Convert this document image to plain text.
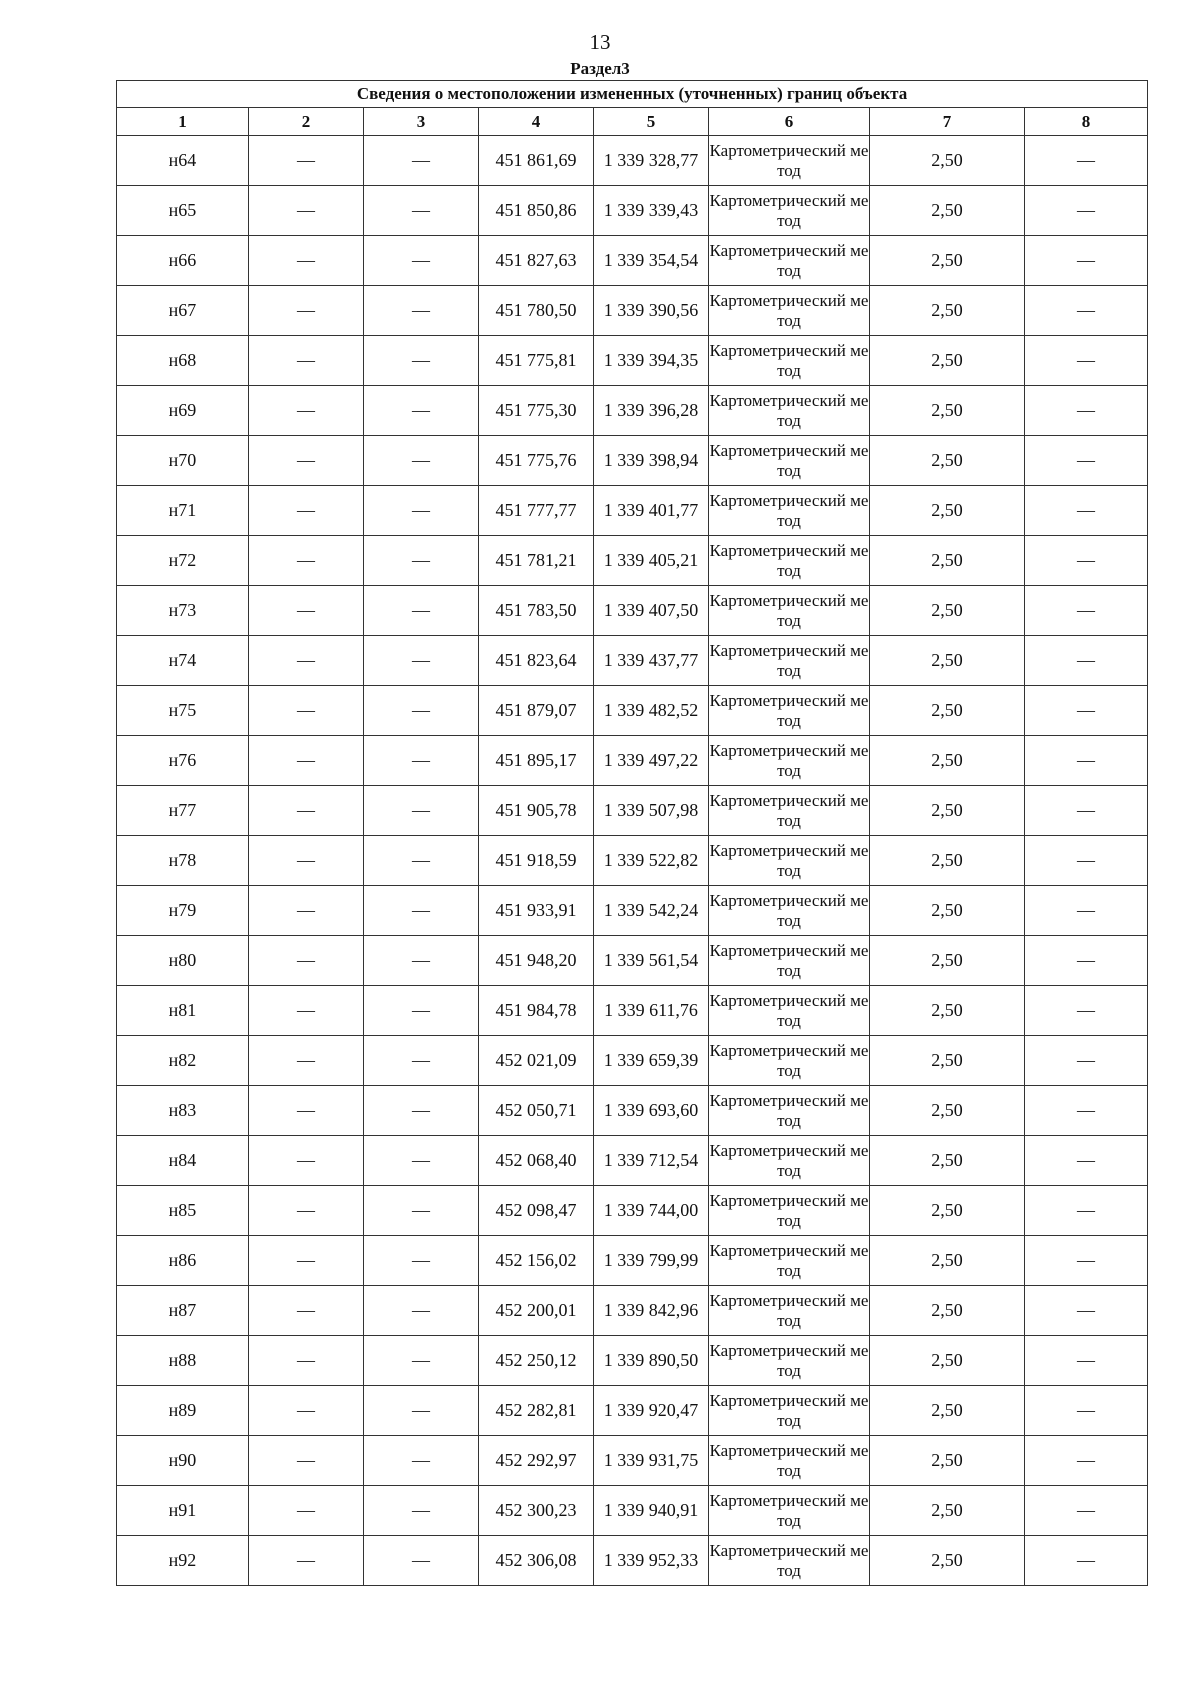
13
Раздел3
Сведения о местоположении измененных (уточненных) границ объекта							
1	2	3	4	5	6	7	8
н64	—	—	451 861,69	1 339 328,77	Картометрический метод	2,50	—
н65	—	—	451 850,86	1 339 339,43	Картометрический метод	2,50	—
н66	—	—	451 827,63	1 339 354,54	Картометрический метод	2,50	—
н67	—	—	451 780,50	1 339 390,56	Картометрический метод	2,50	—
н68	—	—	451 775,81	1 339 394,35	Картометрический метод	2,50	—
н69	—	—	451 775,30	1 339 396,28	Картометрический метод	2,50	—
н70	—	—	451 775,76	1 339 398,94	Картометрический метод	2,50	—
н71	—	—	451 777,77	1 339 401,77	Картометрический метод	2,50	—
н72	—	—	451 781,21	1 339 405,21	Картометрический метод	2,50	—
н73	—	—	451 783,50	1 339 407,50	Картометрический метод	2,50	—
н74	—	—	451 823,64	1 339 437,77	Картометрический метод	2,50	—
н75	—	—	451 879,07	1 339 482,52	Картометрический метод	2,50	—
н76	—	—	451 895,17	1 339 497,22	Картометрический метод	2,50	—
н77	—	—	451 905,78	1 339 507,98	Картометрический метод	2,50	—
н78	—	—	451 918,59	1 339 522,82	Картометрический метод	2,50	—
н79	—	—	451 933,91	1 339 542,24	Картометрический метод	2,50	—
н80	—	—	451 948,20	1 339 561,54	Картометрический метод	2,50	—
н81	—	—	451 984,78	1 339 611,76	Картометрический метод	2,50	—
н82	—	—	452 021,09	1 339 659,39	Картометрический метод	2,50	—
н83	—	—	452 050,71	1 339 693,60	Картометрический метод	2,50	—
н84	—	—	452 068,40	1 339 712,54	Картометрический метод	2,50	—
н85	—	—	452 098,47	1 339 744,00	Картометрический метод	2,50	—
н86	—	—	452 156,02	1 339 799,99	Картометрический метод	2,50	—
н87	—	—	452 200,01	1 339 842,96	Картометрический метод	2,50	—
н88	—	—	452 250,12	1 339 890,50	Картометрический метод	2,50	—
н89	—	—	452 282,81	1 339 920,47	Картометрический метод	2,50	—
н90	—	—	452 292,97	1 339 931,75	Картометрический метод	2,50	—
н91	—	—	452 300,23	1 339 940,91	Картометрический метод	2,50	—
н92	—	—	452 306,08	1 339 952,33	Картометрический метод	2,50	—
